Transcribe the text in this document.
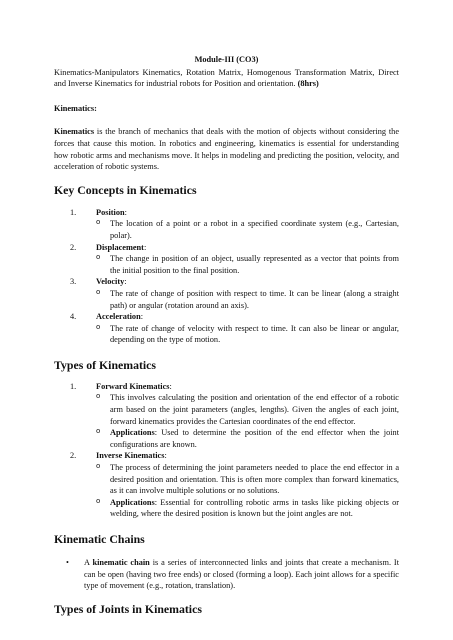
Module-III (CO3)

Kinematics-Manipulators Kinematics, Rotation Matrix, Homogenous Transformation Matrix, Direct and Inverse Kinematics for industrial robots for Position and orientation. (8hrs)

Kinematics:

Kinematics is the branch of mechanics that deals with the motion of objects without considering the forces that cause this motion. In robotics and engineering, kinematics is essential for understanding how robotic arms and mechanisms move. It helps in modeling and predicting the position, velocity, and acceleration of robotic systems.

Key Concepts in Kinematics
1. Position:
o The location of a point or a robot in a specified coordinate system (e.g., Cartesian, polar).
2. Displacement:
o The change in position of an object, usually represented as a vector that points from the initial position to the final position.
3. Velocity:
o The rate of change of position with respect to time. It can be linear (along a straight path) or angular (rotation around an axis).
4. Acceleration:
o The rate of change of velocity with respect to time. It can also be linear or angular, depending on the type of motion.
Types of Kinematics
1. Forward Kinematics:
o This involves calculating the position and orientation of the end effector of a robotic arm based on the joint parameters (angles, lengths). Given the angles of each joint, forward kinematics provides the Cartesian coordinates of the end effector.
o Applications: Used to determine the position of the end effector when the joint configurations are known.
2. Inverse Kinematics:
o The process of determining the joint parameters needed to place the end effector in a desired position and orientation. This is often more complex than forward kinematics, as it can involve multiple solutions or no solutions.
o Applications: Essential for controlling robotic arms in tasks like picking objects or welding, where the desired position is known but the joint angles are not.
Kinematic Chains
• A kinematic chain is a series of interconnected links and joints that create a mechanism. It can be open (having two free ends) or closed (forming a loop). Each joint allows for a specific type of movement (e.g., rotation, translation).
Types of Joints in Kinematics
